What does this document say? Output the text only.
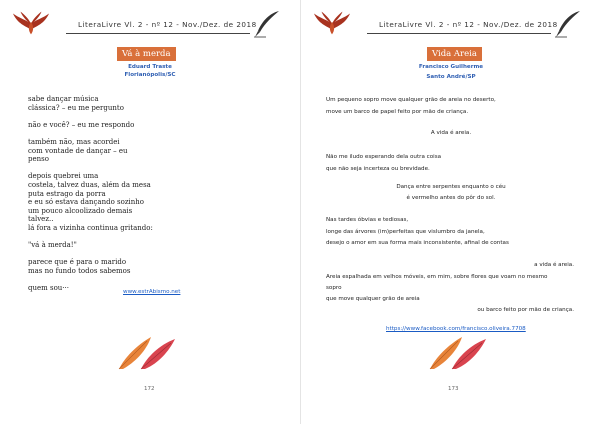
LiteraLivre Vl. 2 - nº 12 - Nov./Dez. de 2018
Vá à merda
Eduard Traste
Florianópolis/SC
sabe dançar música
clássica? – eu me pergunto
não e você? – eu me respondo
também não, mas acordei
com vontade de dançar – eu
penso
depois quebrei uma
costela, talvez duas, além da mesa
puta estrago da porra
e eu só estava dançando sozinho
um pouco alcoolizado demais
talvez..
lá fora a vizinha continua gritando:
"vá à merda!"
parece que é para o marido
mas no fundo todos sabemos
quem sou···	www.estrAbismo.net
172
LiteraLivre Vl. 2 - nº 12 - Nov./Dez. de 2018
Vida Areia
Francisco Guilherme
Santo André/SP
https://www.facebook.com/francisco.oliveira.7708
173
Um pequeno sopro move qualquer grão de areia no deserto,
move um barco de papel feito por mão de criança.
A vida é areia.
Não me iludo esperando dela outra coisa
que não seja incerteza ou brevidade.
Dança entre serpentes enquanto o céu
é vermelho antes do pôr do sol.
Nas tardes óbvias e tediosas,
longe das árvores (im)perfeitas que vislumbro da janela,
desejo o amor em sua forma mais inconsistente, afinal de contas
a vida é areia.
Areia espalhada em velhos móveis, em mim, sobre flores que voam no mesmo
sopro
que move qualquer grão de areia
ou barco feito por mão de criança.
